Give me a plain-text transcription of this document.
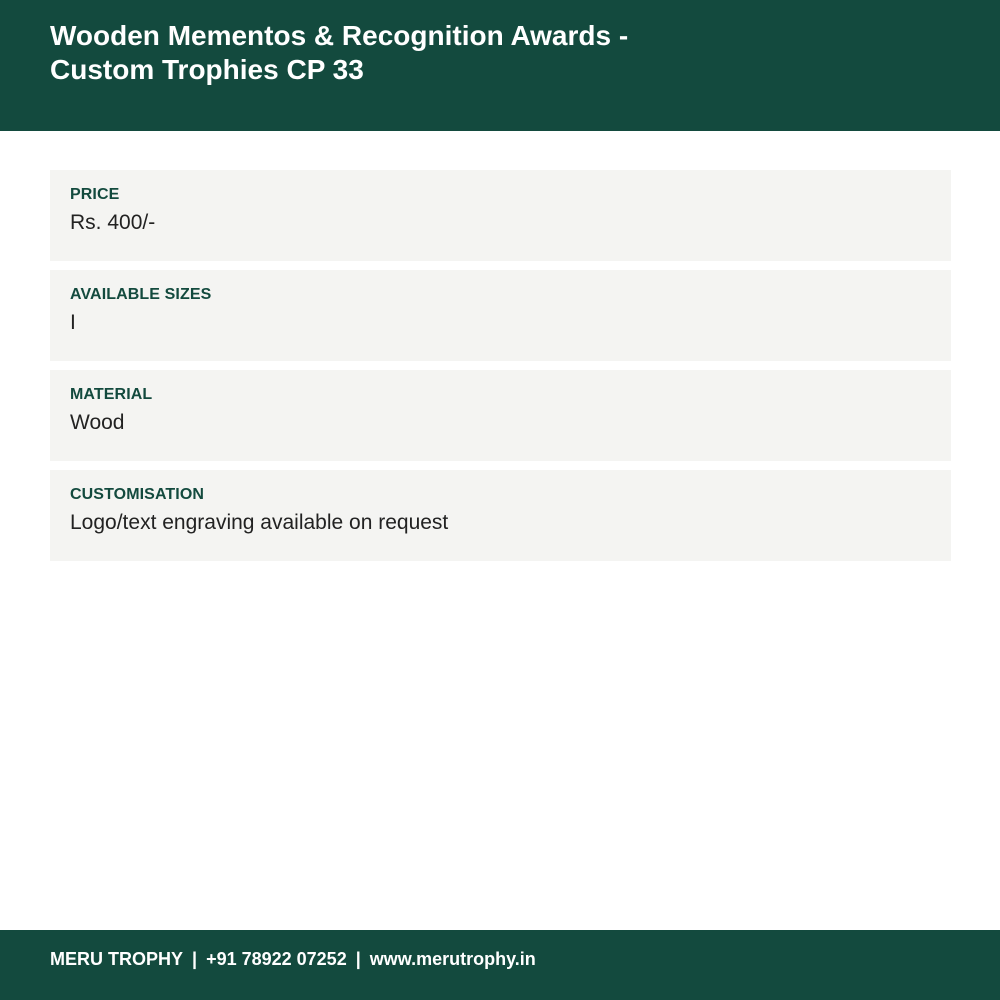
Wooden Mementos & Recognition Awards -
Custom Trophies CP 33
PRICE
Rs. 400/-
AVAILABLE SIZES
I
MATERIAL
Wood
CUSTOMISATION
Logo/text engraving available on request
MERU TROPHY | +91 78922 07252 | www.merutrophy.in
